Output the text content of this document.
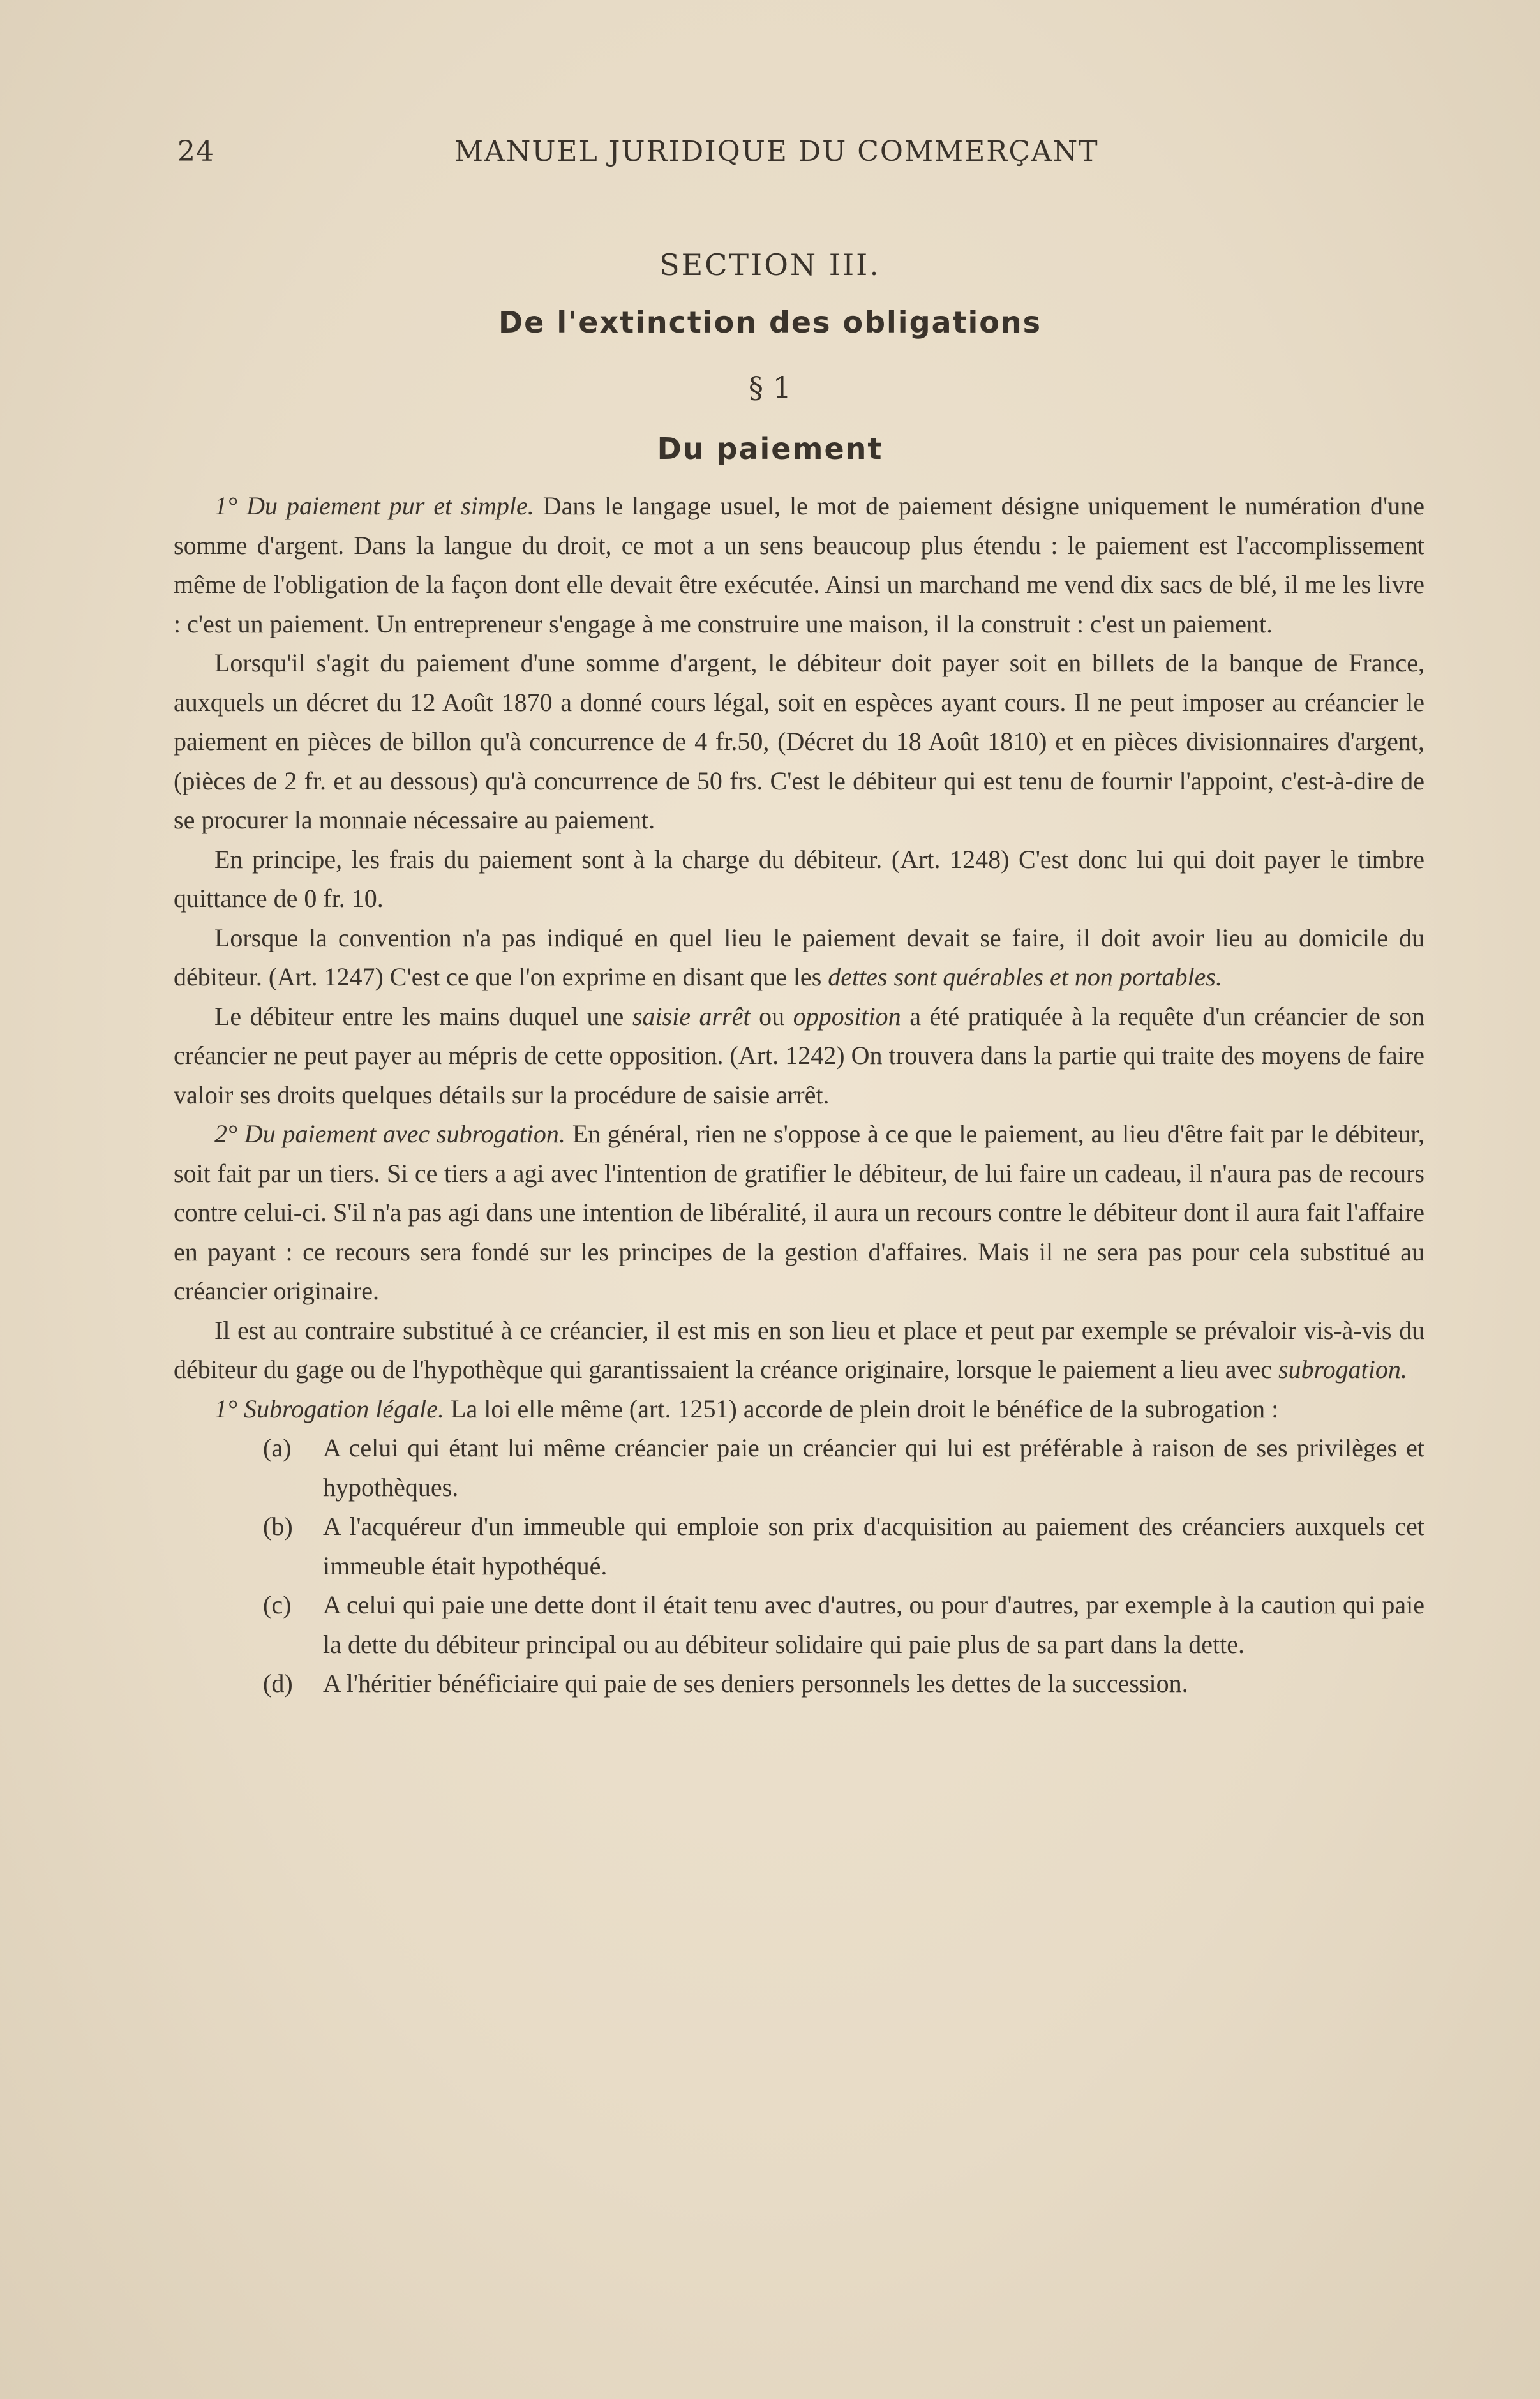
24	MANUEL JURIDIQUE DU COMMERÇANT
SECTION III.
De l'extinction des obligations
§ 1
Du paiement

1° Du paiement pur et simple. Dans le langage usuel, le mot de paiement désigne uniquement le numération d'une somme d'argent. Dans la langue du droit, ce mot a un sens beaucoup plus étendu : le paiement est l'accomplissement même de l'obligation de la façon dont elle devait être exécutée. Ainsi un marchand me vend dix sacs de blé, il me les livre : c'est un paiement. Un entrepreneur s'engage à me construire une maison, il la construit : c'est un paiement.

Lorsqu'il s'agit du paiement d'une somme d'argent, le débiteur doit payer soit en billets de la banque de France, auxquels un décret du 12 Août 1870 a donné cours légal, soit en espèces ayant cours. Il ne peut imposer au créancier le paiement en pièces de billon qu'à concurrence de 4 fr.50, (Décret du 18 Août 1810) et en pièces divisionnaires d'argent, (pièces de 2 fr. et au dessous) qu'à concurrence de 50 frs. C'est le débiteur qui est tenu de fournir l'appoint, c'est-à-dire de se procurer la monnaie nécessaire au paiement.

En principe, les frais du paiement sont à la charge du débiteur. (Art. 1248) C'est donc lui qui doit payer le timbre quittance de 0 fr. 10.

Lorsque la convention n'a pas indiqué en quel lieu le paiement devait se faire, il doit avoir lieu au domicile du débiteur. (Art. 1247) C'est ce que l'on exprime en disant que les dettes sont quérables et non portables.

Le débiteur entre les mains duquel une saisie arrêt ou opposition a été pratiquée à la requête d'un créancier de son créancier ne peut payer au mépris de cette opposition. (Art. 1242) On trouvera dans la partie qui traite des moyens de faire valoir ses droits quelques détails sur la procédure de saisie arrêt.

2° Du paiement avec subrogation. En général, rien ne s'oppose à ce que le paiement, au lieu d'être fait par le débiteur, soit fait par un tiers. Si ce tiers a agi avec l'intention de gratifier le débiteur, de lui faire un cadeau, il n'aura pas de recours contre celui-ci. S'il n'a pas agi dans une intention de libéralité, il aura un recours contre le débiteur dont il aura fait l'affaire en payant : ce recours sera fondé sur les principes de la gestion d'affaires. Mais il ne sera pas pour cela substitué au créancier originaire.

Il est au contraire substitué à ce créancier, il est mis en son lieu et place et peut par exemple se prévaloir vis-à-vis du débiteur du gage ou de l'hypothèque qui garantissaient la créance originaire, lorsque le paiement a lieu avec subrogation.

1° Subrogation légale. La loi elle même (art. 1251) accorde de plein droit le bénéfice de la subrogation :

(a) A celui qui étant lui même créancier paie un créancier qui lui est préférable à raison de ses privilèges et hypothèques.
(b) A l'acquéreur d'un immeuble qui emploie son prix d'acquisition au paiement des créanciers auxquels cet immeuble était hypothéqué.
(c) A celui qui paie une dette dont il était tenu avec d'autres, ou pour d'autres, par exemple à la caution qui paie la dette du débiteur principal ou au débiteur solidaire qui paie plus de sa part dans la dette.
(d) A l'héritier bénéficiaire qui paie de ses deniers personnels les dettes de la succession.
